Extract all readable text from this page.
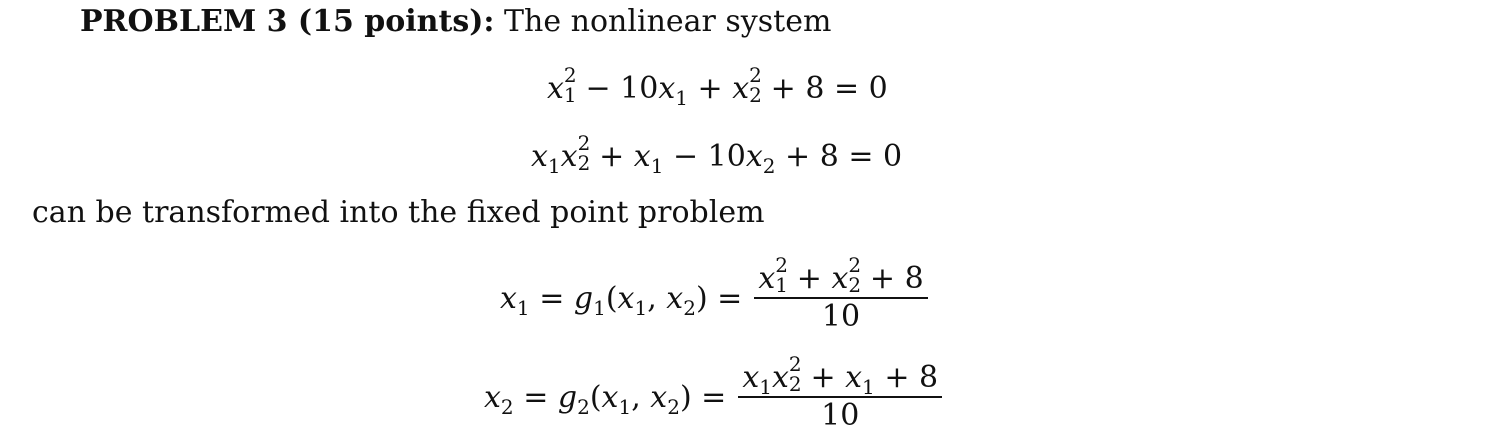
PROBLEM 3 (15 points): The nonlinear system
x 2
$1 - 10x_1 + x$ 2
2 + 8 = 0
$x_1x$ 2
$2 + x_1 - 10x_2 + 8 = 0$
can be transformed into the fixed point problem
$x_1 = g_1(x_1$, $x_2) = x$ 2
1 + x 2
2 + 8
10
$x_2 = g_2(x_1$, $x_2) = x_1x$ 2
$2 + x_1 + 8$
10
